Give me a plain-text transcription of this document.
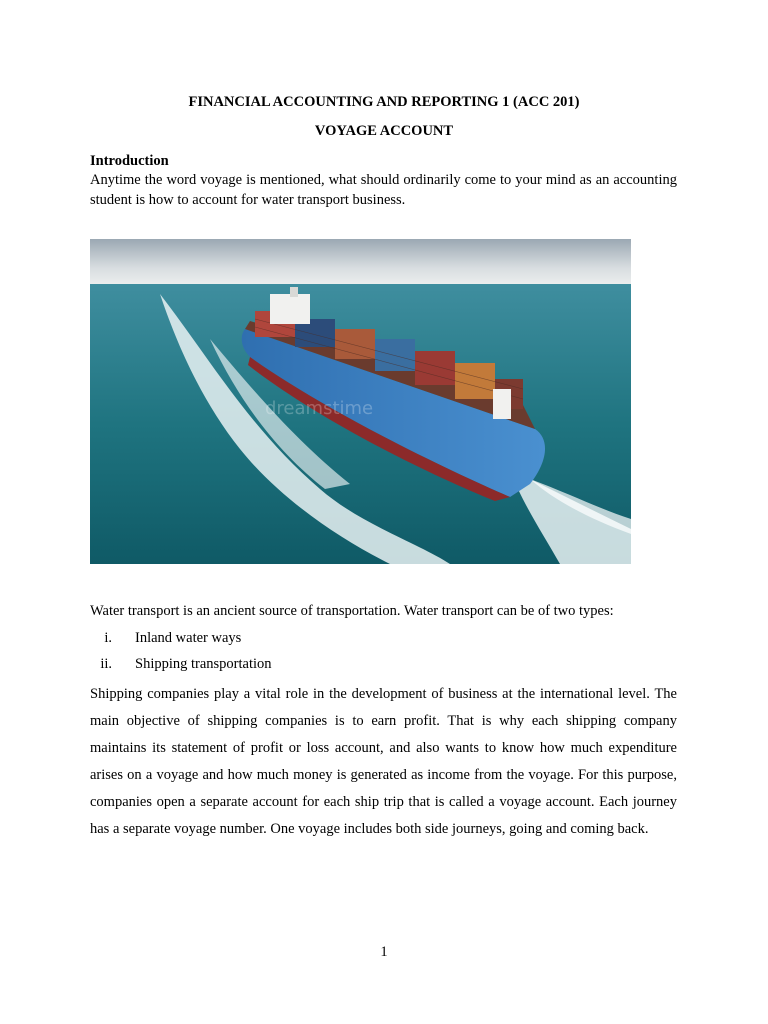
FINANCIAL ACCOUNTING AND REPORTING 1 (ACC 201)
VOYAGE ACCOUNT
Introduction
Anytime the word voyage is mentioned, what should ordinarily come to your mind as an accounting student is how to account for water transport business.
dreamstime
Water transport is an ancient source of transportation. Water transport can be of two types:
i. Inland water ways
ii. Shipping transportation
Shipping companies play a vital role in the development of business at the international level. The main objective of shipping companies is to earn profit. That is why each shipping company maintains its statement of profit or loss account, and also wants to know how much expenditure arises on a voyage and how much money is generated as income from the voyage. For this purpose, companies open a separate account for each ship trip that is called a voyage account. Each journey has a separate voyage number. One voyage includes both side journeys, going and coming back.
1
